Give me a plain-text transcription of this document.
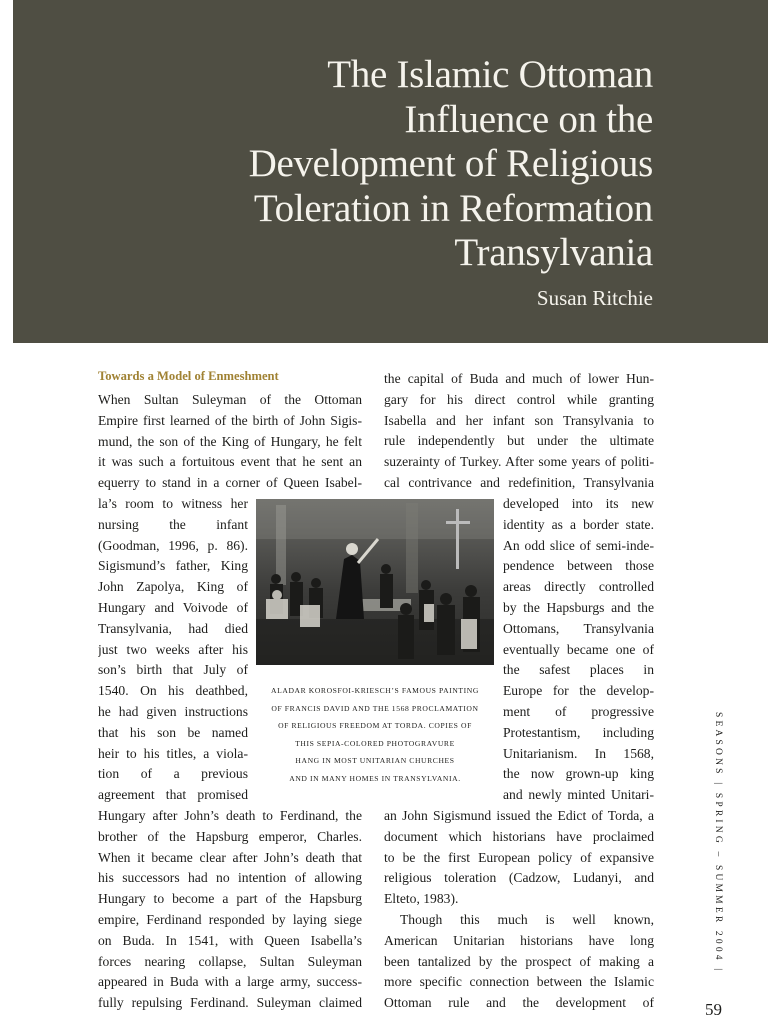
The Islamic Ottoman
Influence on the
Development of Religious
Toleration in Reformation
Transylvania
Susan Ritchie
Towards a Model of Enmeshment
When Sultan Suleyman of the Ottoman
Empire first learned of the birth of John Sigis-
mund, the son of the King of Hungary, he felt
it was such a fortuitous event that he sent an
equerry to stand in a corner of Queen Isabel-
la’s room to witness her
nursing the infant
(Goodman, 1996, p. 86).
Sigismund’s father, King
John Zapolya, King of
Hungary and Voivode of
Transylvania, had died
just two weeks after his
son’s birth that July of
1540. On his deathbed,
he had given instructions
that his son be named
heir to his titles, a viola-
tion of a previous
agreement that promised
Hungary after John’s death to Ferdinand, the
brother of the Hapsburg emperor, Charles.
When it became clear after John’s death that
his successors had no intention of allowing
Hungary to become a part of the Hapsburg
empire, Ferdinand responded by laying siege
on Buda. In 1541, with Queen Isabella’s
forces nearing collapse, Sultan Suleyman
appeared in Buda with a large army, success-
fully repulsing Ferdinand. Suleyman claimed
the capital of Buda and much of lower Hun-
gary for his direct control while granting
Isabella and her infant son Transylvania to
rule independently but under the ultimate
suzerainty of Turkey. After some years of politi-
cal contrivance and redefinition, Transylvania
developed into its new
identity as a border state.
An odd slice of semi-inde-
pendence between those
areas directly controlled
by the Hapsburgs and the
Ottomans, Transylvania
eventually became one of
the safest places in
Europe for the develop-
ment of progressive
Protestantism, including
Unitarianism. In 1568,
the now grown-up king
and newly minted Unitari-
an John Sigismund issued the Edict of Torda, a
document which historians have proclaimed
to be the first European policy of expansive
religious toleration (Cadzow, Ludanyi, and
Elteto, 1983).
Though this much is well known,
American Unitarian historians have long
been tantalized by the prospect of making a
more specific connection between the Islamic
Ottoman rule and the development of
ALADAR KOROSFOI-KRIESCH’S FAMOUS PAINTING
OF FRANCIS DAVID AND THE 1568 PROCLAMATION
OF RELIGIOUS FREEDOM AT TORDA. COPIES OF
THIS SEPIA-COLORED PHOTOGRAVURE
HANG IN MOST UNITARIAN CHURCHES
AND IN MANY HOMES IN TRANSYLVANIA.	SEASONS | SPRING – SUMMER 2004 |
59
